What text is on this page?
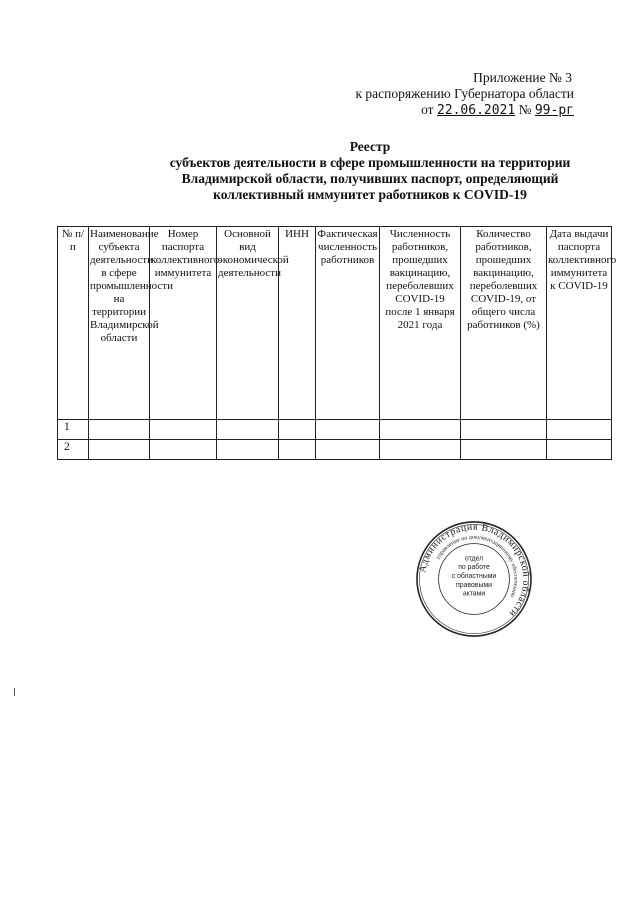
Приложение № 3
к распоряжению Губернатора области
от 22.06.2021 № 99-рг
Реестр
субъектов деятельности в сфере промышленности на территории
Владимирской области, получивших паспорт, определяющий
коллективный иммунитет работников к COVID-19
№ п/п	Наименование субъекта деятельности в сфере промышленности на территории Владимирской области	Номер паспорта коллективного иммунитета	Основной вид экономической деятельности	ИНН	Фактическая численность работников	Численность работников, прошедших вакцинацию, переболевших COVID-19 после 1 января 2021 года	Количество работников, прошедших вакцинацию, переболевших COVID-19, от общего числа работников (%)	Дата выдачи паспорта коллективного иммунитета к COVID-19
1								
2								
Администрация Владимирской области
управление по документационному обеспечению
отдел
по работе
с областными
правовыми
актами
